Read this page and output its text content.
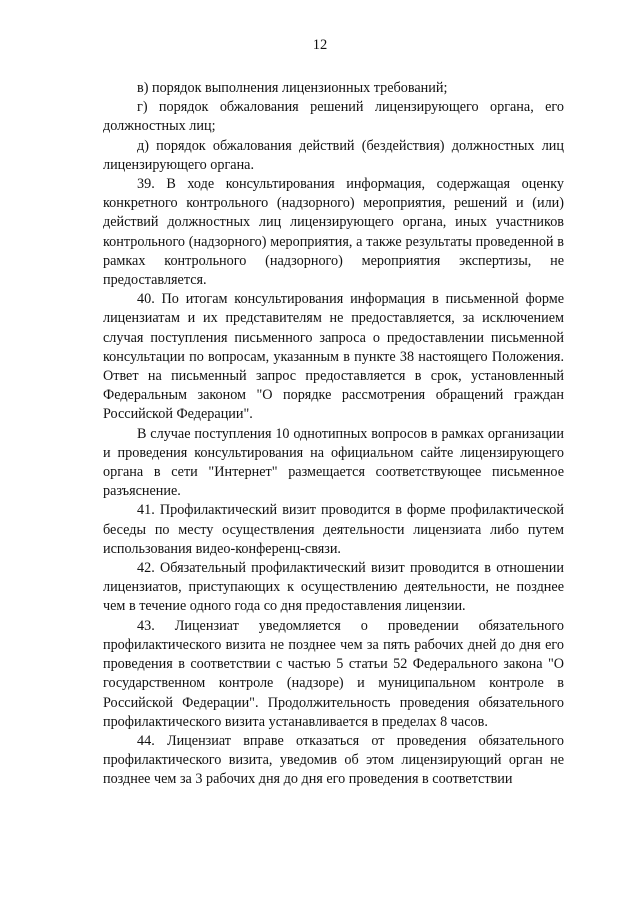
12

в) порядок выполнения лицензионных требований;

г) порядок обжалования решений лицензирующего органа, его должностных лиц;

д) порядок обжалования действий (бездействия) должностных лиц лицензирующего органа.

39. В ходе консультирования информация, содержащая оценку конкретного контрольного (надзорного) мероприятия, решений и (или) действий должностных лиц лицензирующего органа, иных участников контрольного (надзорного) мероприятия, а также результаты проведенной в рамках контрольного (надзорного) мероприятия экспертизы, не предоставляется.

40. По итогам консультирования информация в письменной форме лицензиатам и их представителям не предоставляется, за исключением случая поступления письменного запроса о предоставлении письменной консультации по вопросам, указанным в пункте 38 настоящего Положения. Ответ на письменный запрос предоставляется в срок, установленный Федеральным законом "О порядке рассмотрения обращений граждан Российской Федерации".

В случае поступления 10 однотипных вопросов в рамках организации и проведения консультирования на официальном сайте лицензирующего органа в сети "Интернет" размещается соответствующее письменное разъяснение.

41. Профилактический визит проводится в форме профилактической беседы по месту осуществления деятельности лицензиата либо путем использования видео-конференц-связи.

42. Обязательный профилактический визит проводится в отношении лицензиатов, приступающих к осуществлению деятельности, не позднее чем в течение одного года со дня предоставления лицензии.

43. Лицензиат уведомляется о проведении обязательного профилактического визита не позднее чем за пять рабочих дней до дня его проведения в соответствии с частью 5 статьи 52 Федерального закона "О государственном контроле (надзоре) и муниципальном контроле в Российской Федерации". Продолжительность проведения обязательного профилактического визита устанавливается в пределах 8 часов.

44. Лицензиат вправе отказаться от проведения обязательного профилактического визита, уведомив об этом лицензирующий орган не позднее чем за 3 рабочих дня до дня его проведения в соответствии
